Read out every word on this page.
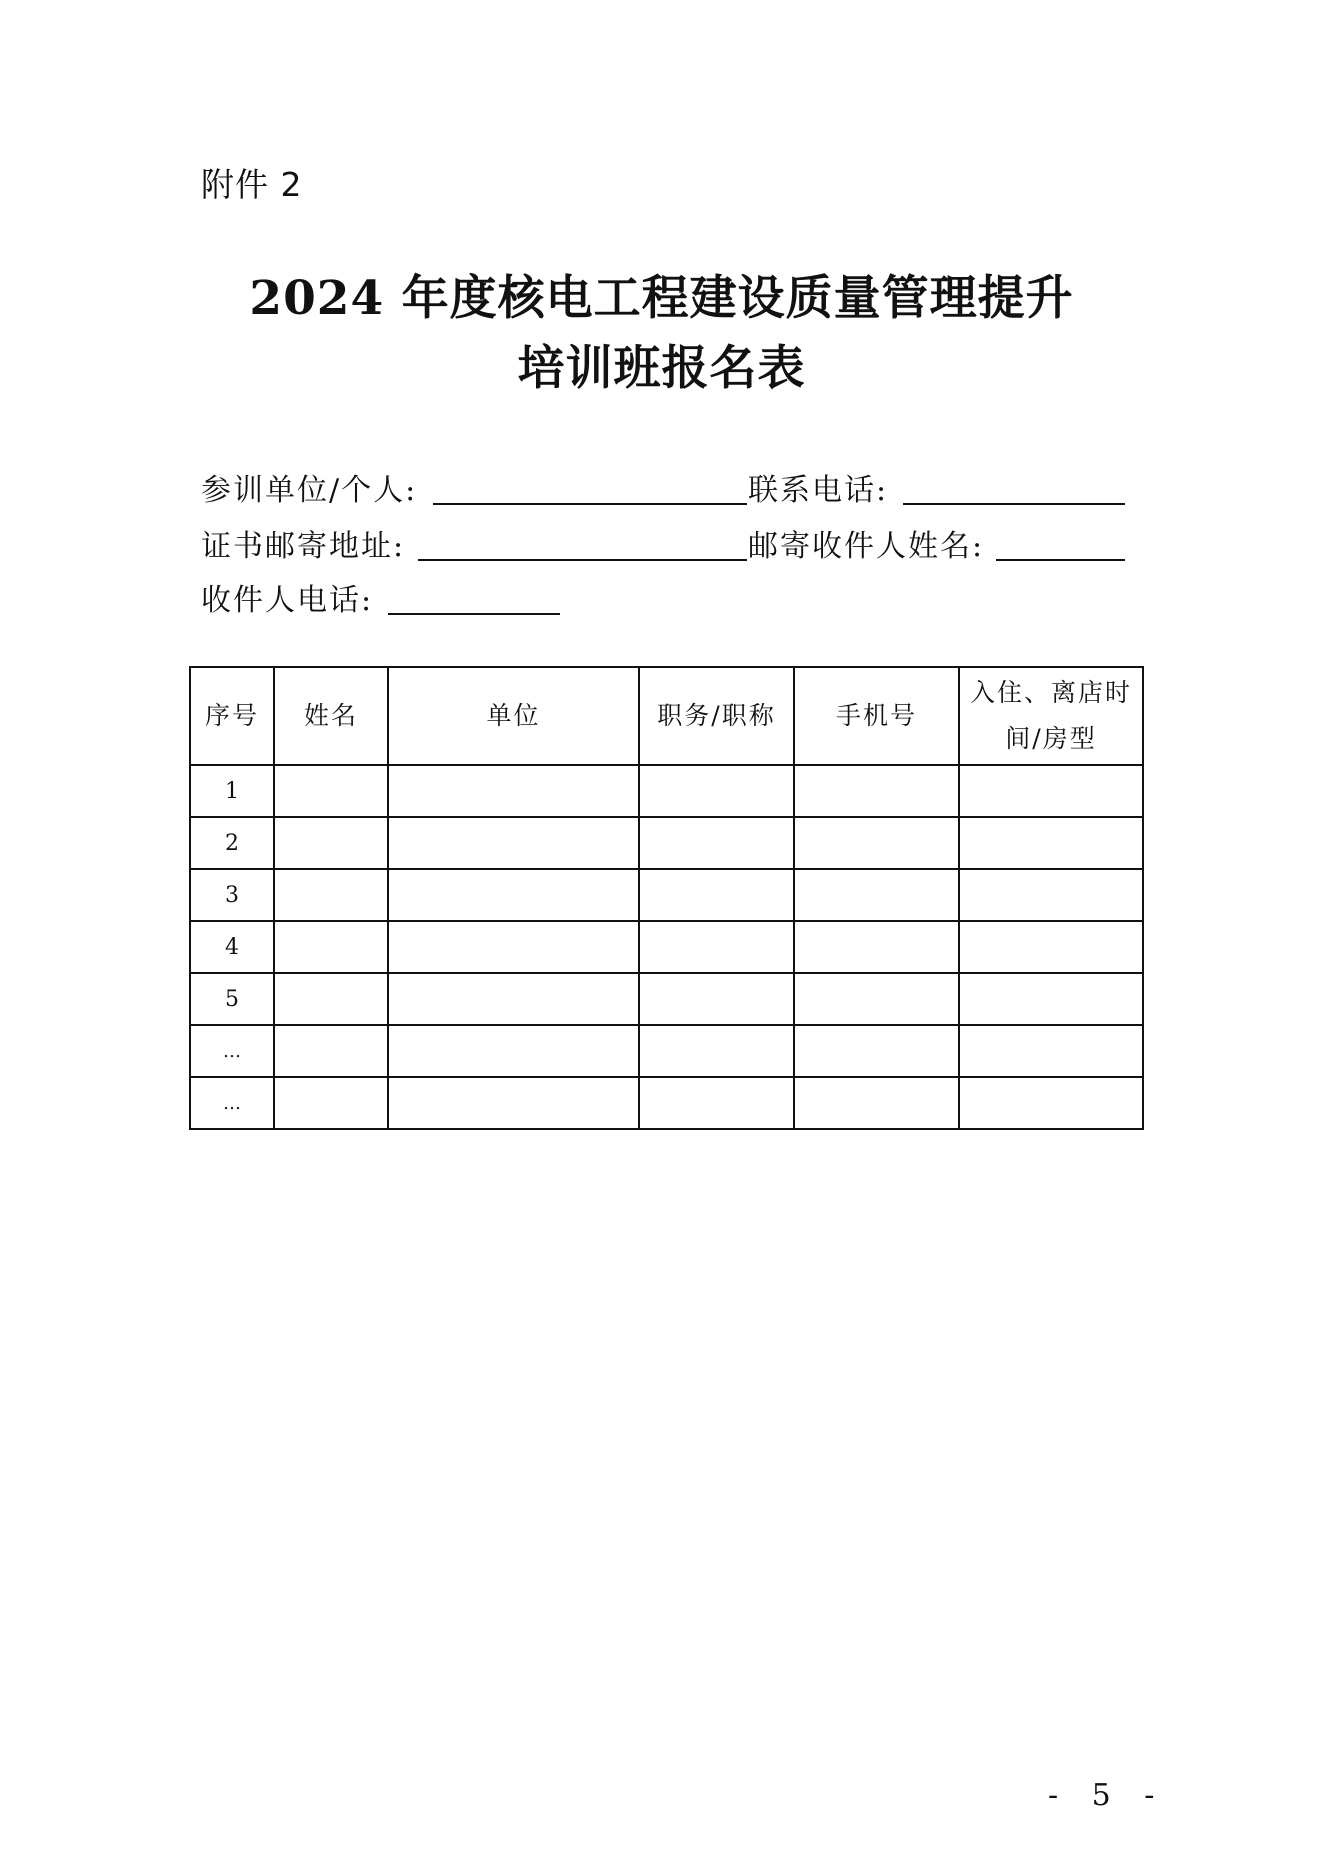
附件 2
2024 年度核电工程建设质量管理提升
培训班报名表
参训单位/个人:	联系电话:
证书邮寄地址:	邮寄收件人姓名:
收件人电话:
序号	姓名	单位	职务/职称	手机号	入住、离店时间/房型
1					
2					
3					
4					
5					
…					
…					
- 5 -
